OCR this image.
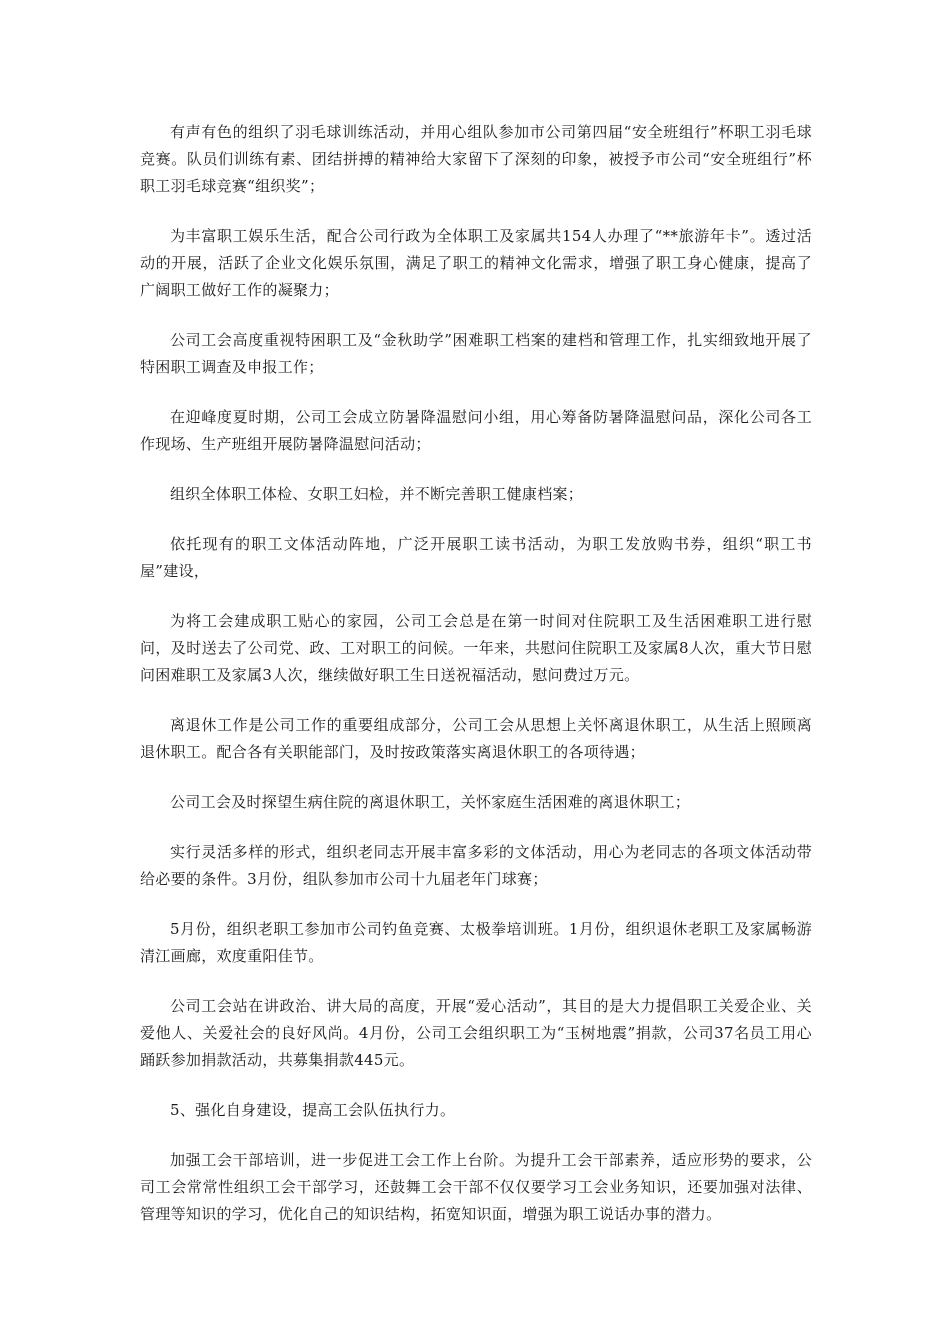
有声有色的组织了羽毛球训练活动，并用心组队参加市公司第四届“安全班组行”杯职工羽毛球竞赛。队员们训练有素、团结拼搏的精神给大家留下了深刻的印象，被授予市公司“安全班组行”杯职工羽毛球竞赛“组织奖”；

为丰富职工娱乐生活，配合公司行政为全体职工及家属共154人办理了“**旅游年卡”。透过活动的开展，活跃了企业文化娱乐氛围，满足了职工的精神文化需求，增强了职工身心健康，提高了广阔职工做好工作的凝聚力；

公司工会高度重视特困职工及“金秋助学”困难职工档案的建档和管理工作，扎实细致地开展了特困职工调查及申报工作；

在迎峰度夏时期，公司工会成立防暑降温慰问小组，用心筹备防暑降温慰问品，深化公司各工作现场、生产班组开展防暑降温慰问活动；

组织全体职工体检、女职工妇检，并不断完善职工健康档案；

依托现有的职工文体活动阵地，广泛开展职工读书活动，为职工发放购书券，组织“职工书屋”建设，

为将工会建成职工贴心的家园，公司工会总是在第一时间对住院职工及生活困难职工进行慰问，及时送去了公司党、政、工对职工的问候。一年来，共慰问住院职工及家属8人次，重大节日慰问困难职工及家属3人次，继续做好职工生日送祝福活动，慰问费过万元。

离退休工作是公司工作的重要组成部分，公司工会从思想上关怀离退休职工，从生活上照顾离退休职工。配合各有关职能部门，及时按政策落实离退休职工的各项待遇；

公司工会及时探望生病住院的离退休职工，关怀家庭生活困难的离退休职工；

实行灵活多样的形式，组织老同志开展丰富多彩的文体活动，用心为老同志的各项文体活动带给必要的条件。3月份，组队参加市公司十九届老年门球赛；

5月份，组织老职工参加市公司钓鱼竞赛、太极拳培训班。1月份，组织退休老职工及家属畅游清江画廊，欢度重阳佳节。

公司工会站在讲政治、讲大局的高度，开展“爱心活动”，其目的是大力提倡职工关爱企业、关爱他人、关爱社会的良好风尚。4月份，公司工会组织职工为“玉树地震”捐款，公司37名员工用心踊跃参加捐款活动，共募集捐款445元。

5、强化自身建设，提高工会队伍执行力。

加强工会干部培训，进一步促进工会工作上台阶。为提升工会干部素养，适应形势的要求，公司工会常常性组织工会干部学习，还鼓舞工会干部不仅仅要学习工会业务知识，还要加强对法律、管理等知识的学习，优化自己的知识结构，拓宽知识面，增强为职工说话办事的潜力。
